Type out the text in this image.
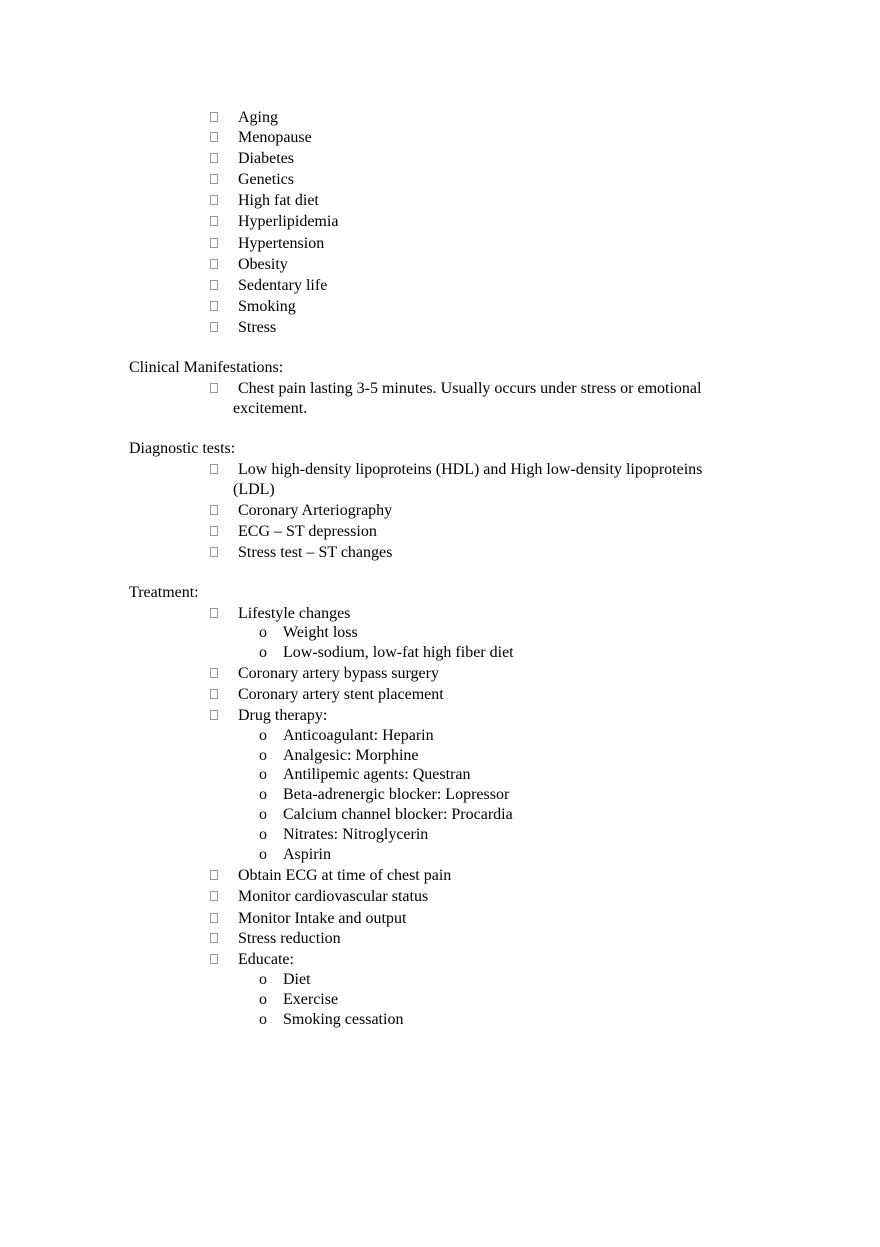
Aging
Menopause
Diabetes
Genetics
High fat diet
Hyperlipidemia
Hypertension
Obesity
Sedentary life
Smoking
Stress
Clinical Manifestations:
Chest pain lasting 3-5 minutes. Usually occurs under stress or emotional
excitement.
Diagnostic tests:
Low high-density lipoproteins (HDL) and High low-density lipoproteins
(LDL)
Coronary Arteriography
ECG – ST depression
Stress test – ST changes
Treatment:
Lifestyle changes
o Weight loss
o Low-sodium, low-fat high fiber diet
Coronary artery bypass surgery
Coronary artery stent placement
Drug therapy:
o Anticoagulant: Heparin
o Analgesic: Morphine
o Antilipemic agents: Questran
o Beta-adrenergic blocker: Lopressor
o Calcium channel blocker: Procardia
o Nitrates: Nitroglycerin
o Aspirin
Obtain ECG at time of chest pain
Monitor cardiovascular status
Monitor Intake and output
Stress reduction
Educate:
o Diet
o Exercise
o Smoking cessation
